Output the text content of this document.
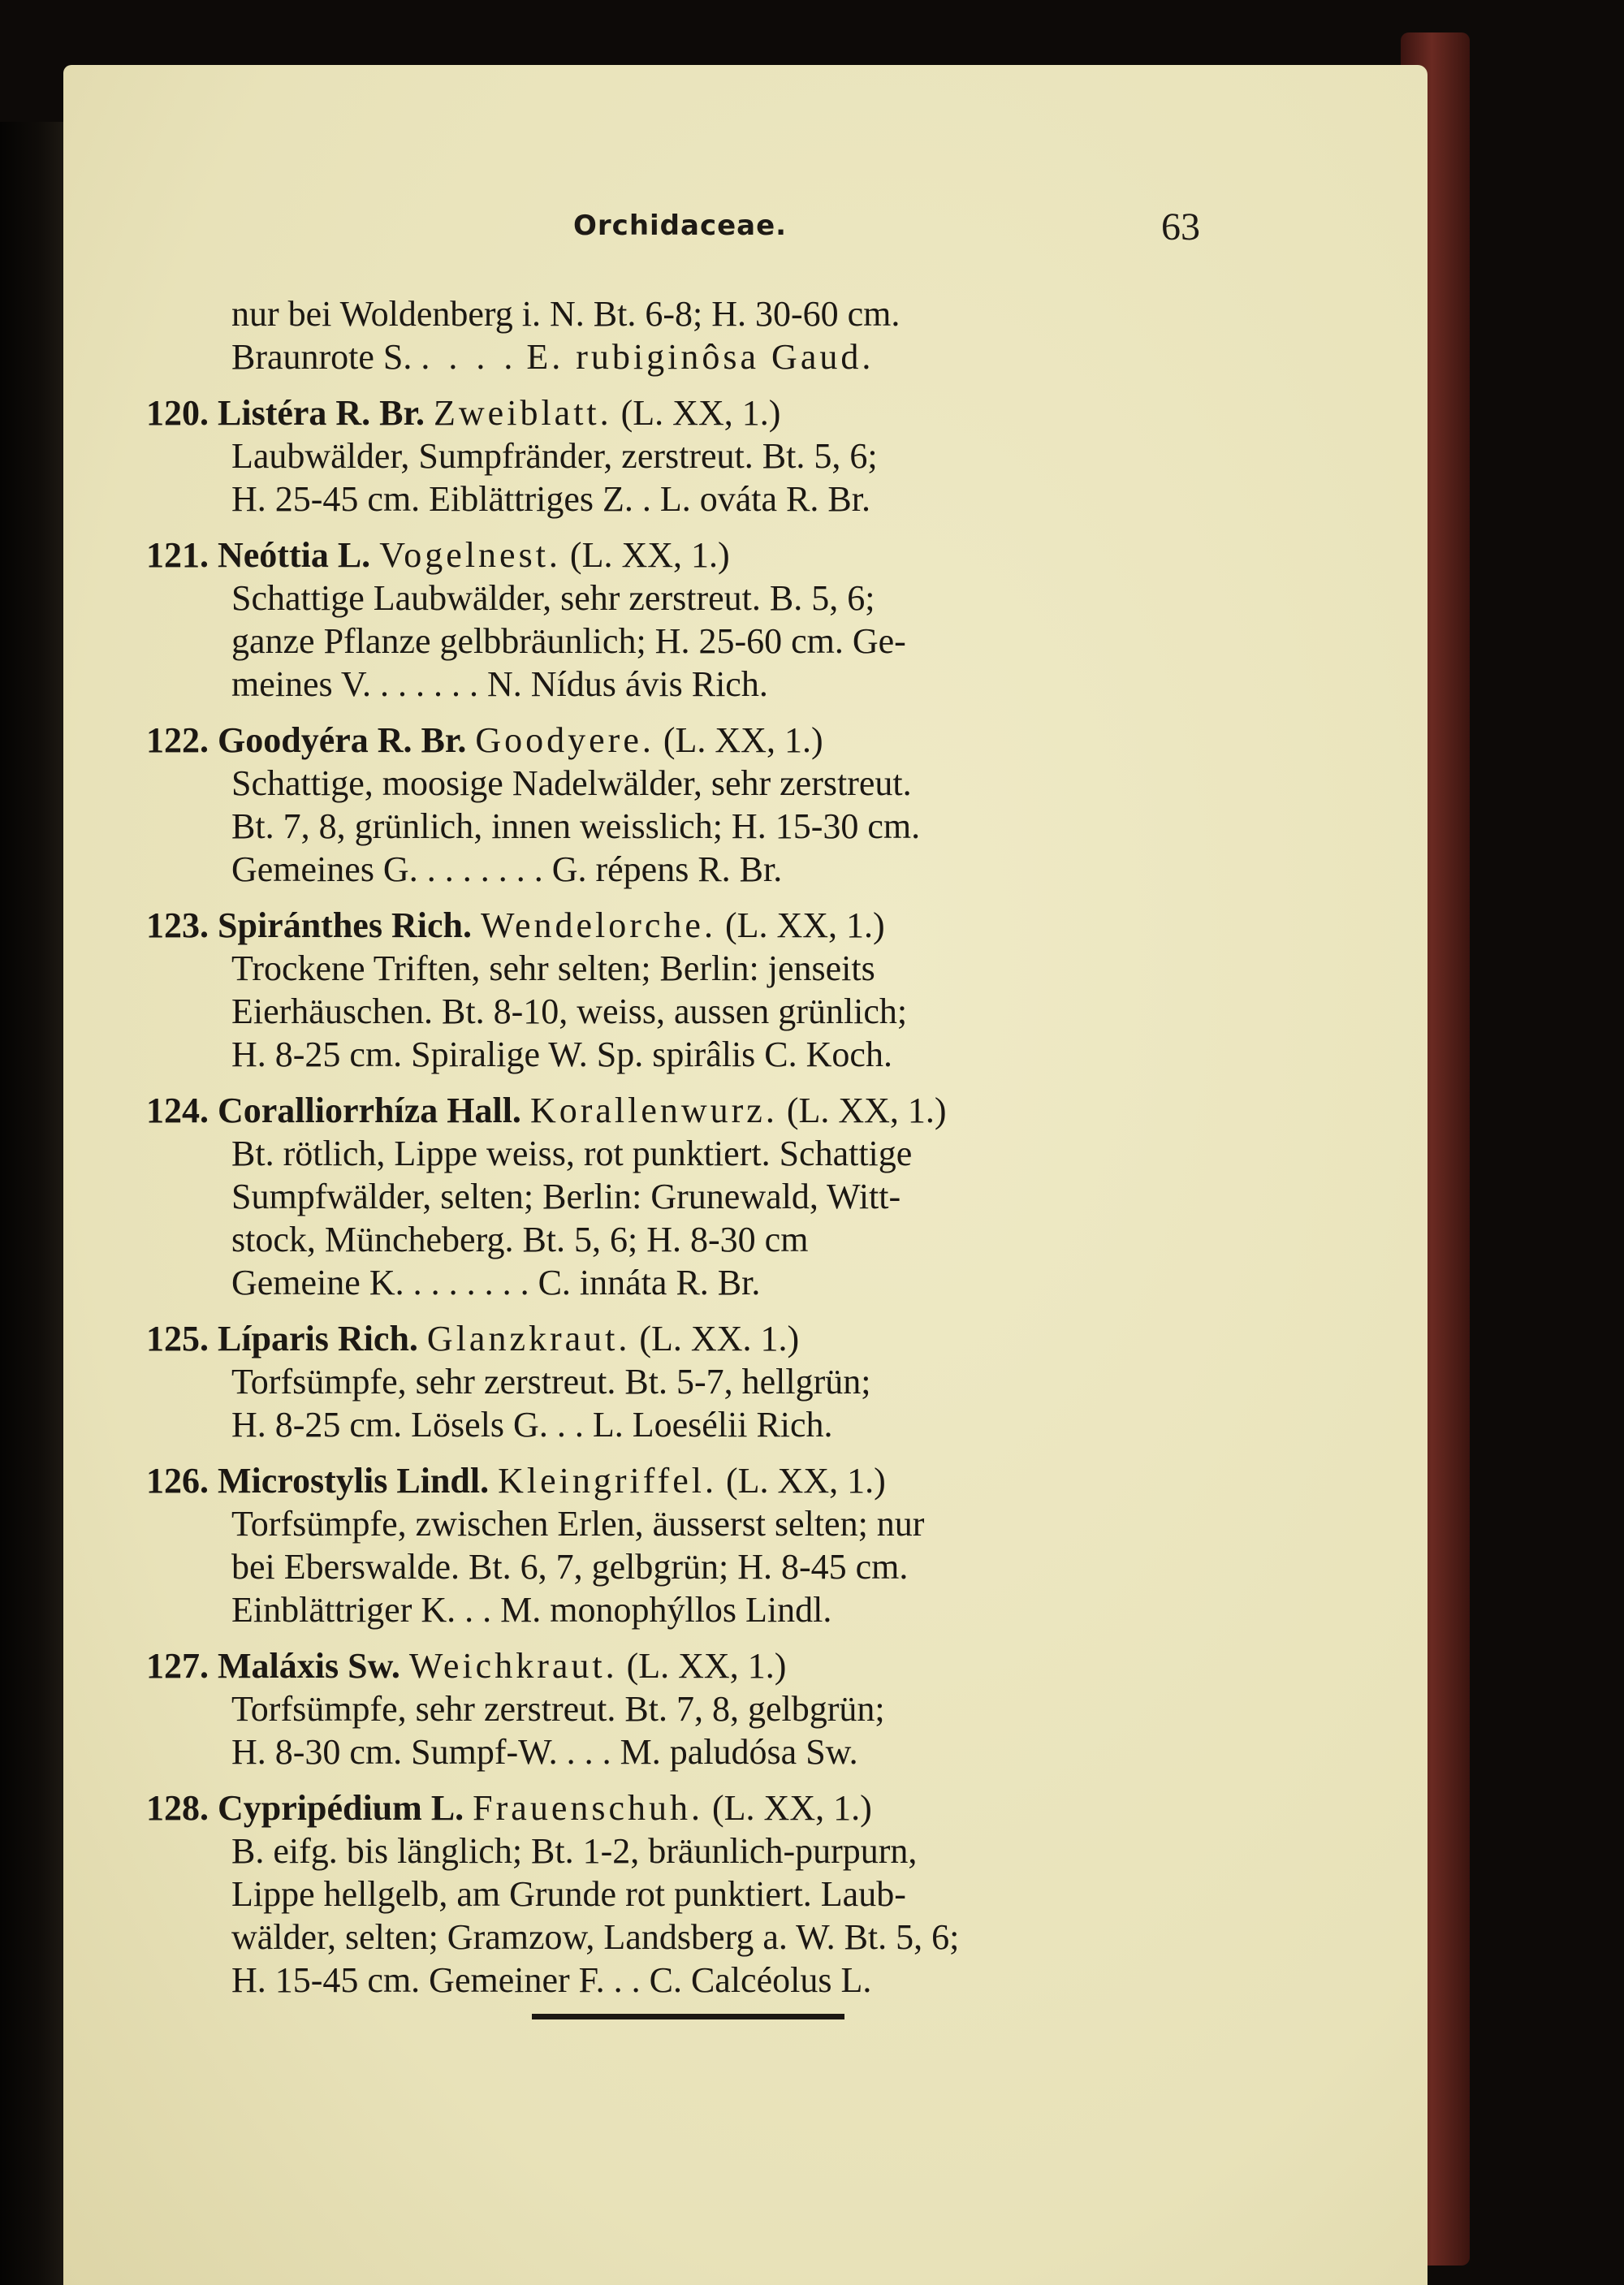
Orchidaceae.	63
nur bei Woldenberg i. N. Bt. 6-8; H. 30-60 cm.
Braunrote S. . . . . E. rubiginôsa Gaud.
120. Listéra R. Br. Zweiblatt. (L. XX, 1.)
Laubwälder, Sumpfränder, zerstreut. Bt. 5, 6;
H. 25-45 cm. Eiblättriges Z. . L. ováta R. Br.
121. Neóttia L. Vogelnest. (L. XX, 1.)
Schattige Laubwälder, sehr zerstreut. B. 5, 6;
ganze Pflanze gelbbräunlich; H. 25-60 cm. Ge-
meines V. . . . . . . N. Nídus ávis Rich.
122. Goodyéra R. Br. Goodyere. (L. XX, 1.)
Schattige, moosige Nadelwälder, sehr zerstreut.
Bt. 7, 8, grünlich, innen weisslich; H. 15-30 cm.
Gemeines G. . . . . . . . G. répens R. Br.
123. Spiránthes Rich. Wendelorche. (L. XX, 1.)
Trockene Triften, sehr selten; Berlin: jenseits
Eierhäuschen. Bt. 8-10, weiss, aussen grünlich;
H. 8-25 cm. Spiralige W. Sp. spirâlis C. Koch.
124. Coralliorrhíza Hall. Korallenwurz. (L. XX, 1.)
Bt. rötlich, Lippe weiss, rot punktiert. Schattige
Sumpfwälder, selten; Berlin: Grunewald, Witt-
stock, Müncheberg. Bt. 5, 6; H. 8-30 cm
Gemeine K. . . . . . . . C. innáta R. Br.
125. Líparis Rich. Glanzkraut. (L. XX. 1.)
Torfsümpfe, sehr zerstreut. Bt. 5-7, hellgrün;
H. 8-25 cm. Lösels G. . . L. Loesélii Rich.
126. Microstylis Lindl. Kleingriffel. (L. XX, 1.)
Torfsümpfe, zwischen Erlen, äusserst selten; nur
bei Eberswalde. Bt. 6, 7, gelbgrün; H. 8-45 cm.
Einblättriger K. . . M. monophýllos Lindl.
127. Maláxis Sw. Weichkraut. (L. XX, 1.)
Torfsümpfe, sehr zerstreut. Bt. 7, 8, gelbgrün;
H. 8-30 cm. Sumpf-W. . . . M. paludósa Sw.
128. Cypripédium L. Frauenschuh. (L. XX, 1.)
B. eifg. bis länglich; Bt. 1-2, bräunlich-purpurn,
Lippe hellgelb, am Grunde rot punktiert. Laub-
wälder, selten; Gramzow, Landsberg a. W. Bt. 5, 6;
H. 15-45 cm. Gemeiner F. . . C. Calcéolus L.
